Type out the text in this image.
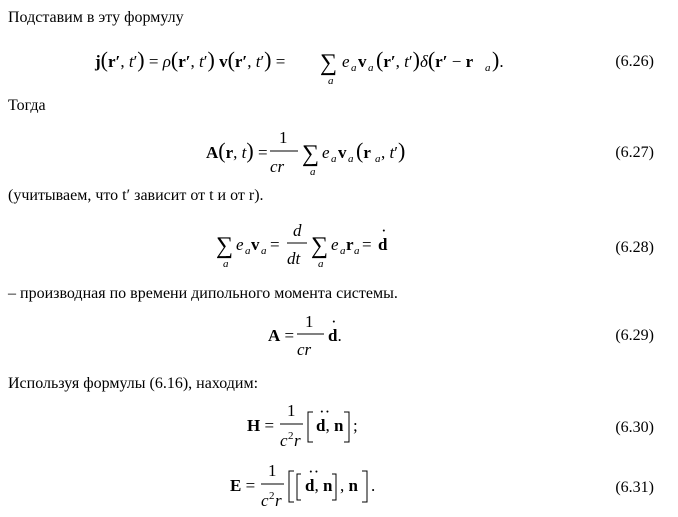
Подставим в эту формулу
Тогда
(учитываем, что t′ зависит от t и от r).
– производная по времени дипольного момента системы.
Используя формулы (6.16), находим:
(6.26)
(6.27)
(6.28)
(6.29)
(6.30)
(6.31)
j(r′, t′) = ρ(r′, t′) v(r′, t′) = ∑
a
e a v a (r′, t′)δ(r′ − r a ).
A(r, t) =
1
cr ∑
a
e a v a (r a , t′)
∑
a
e a v a =
d
dt ∑
a
e a r a = d
·
A =
1
cr
d.
·
H =
1
c 2 r
d, n
··
;
E =
1
c 2 r
d, n
··
, n .
